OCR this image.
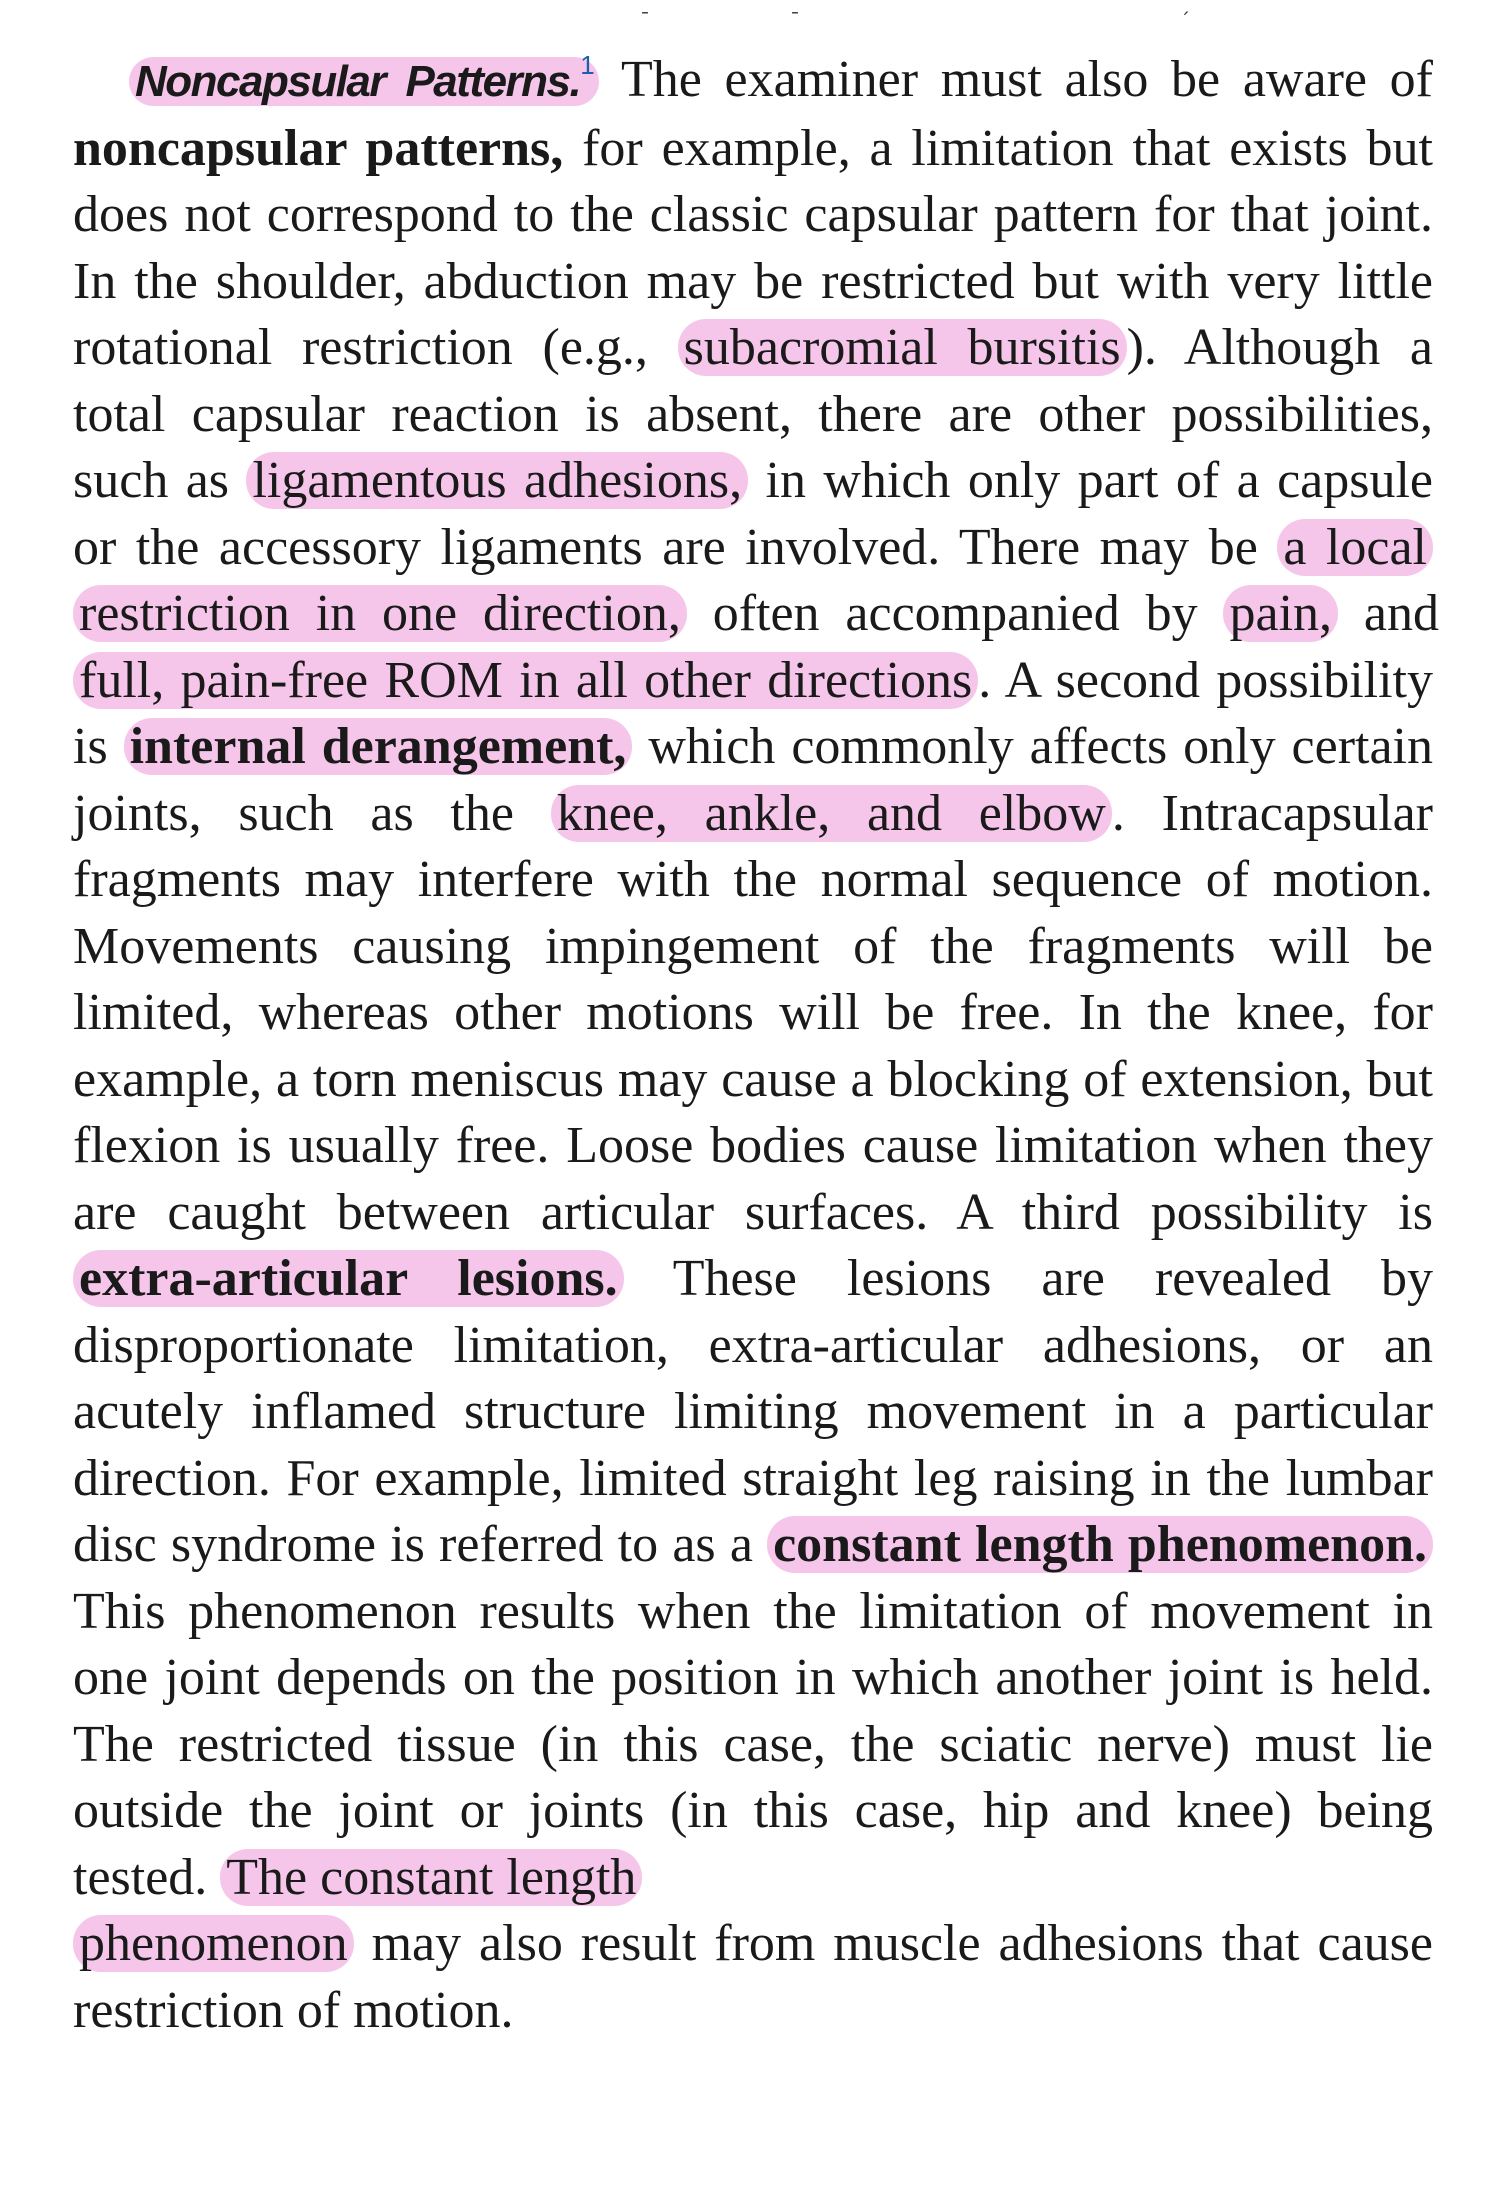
ˉ	ˉ	ˊ

Noncapsular Patterns.$^1$ The examiner must also be aware of noncapsular patterns, for example, a limitation that exists but does not correspond to the classic capsular pattern for that joint. In the shoulder, abduction may be restricted but with very little rotational restriction (e.g., subacromial bursitis ). Although a total capsular reaction is absent, there are other possibilities, such as ligamentous adhesions, in which only part of a capsule or the accessory ligaments are involved. There may be a local restriction in one direction, often accompanied by pain, and full, pain-free ROM in all other directions . A second possibility is internal derangement, which commonly affects only certain joints, such as the knee, ankle, and elbow . Intracapsular fragments may interfere with the normal sequence of motion. Movements causing impingement of the fragments will be limited, whereas other motions will be free. In the knee, for example, a torn meniscus may cause a blocking of extension, but flexion is usually free. Loose bodies cause limitation when they are caught between articular surfaces. A third possibility is extra-articular lesions. These lesions are revealed by disproportionate limitation, extra-articular adhesions, or an acutely inflamed structure limiting movement in a particular direction. For example, limited straight leg raising in the lumbar disc syndrome is referred to as a constant length phenomenon. This phenomenon results when the limitation of movement in one joint depends on the position in which another joint is held. The restricted tissue (in this case, the sciatic nerve) must lie outside the joint or joints (in this case, hip and knee) being tested. The constant length
phenomenon may also result from muscle adhesions that cause restriction of motion.
